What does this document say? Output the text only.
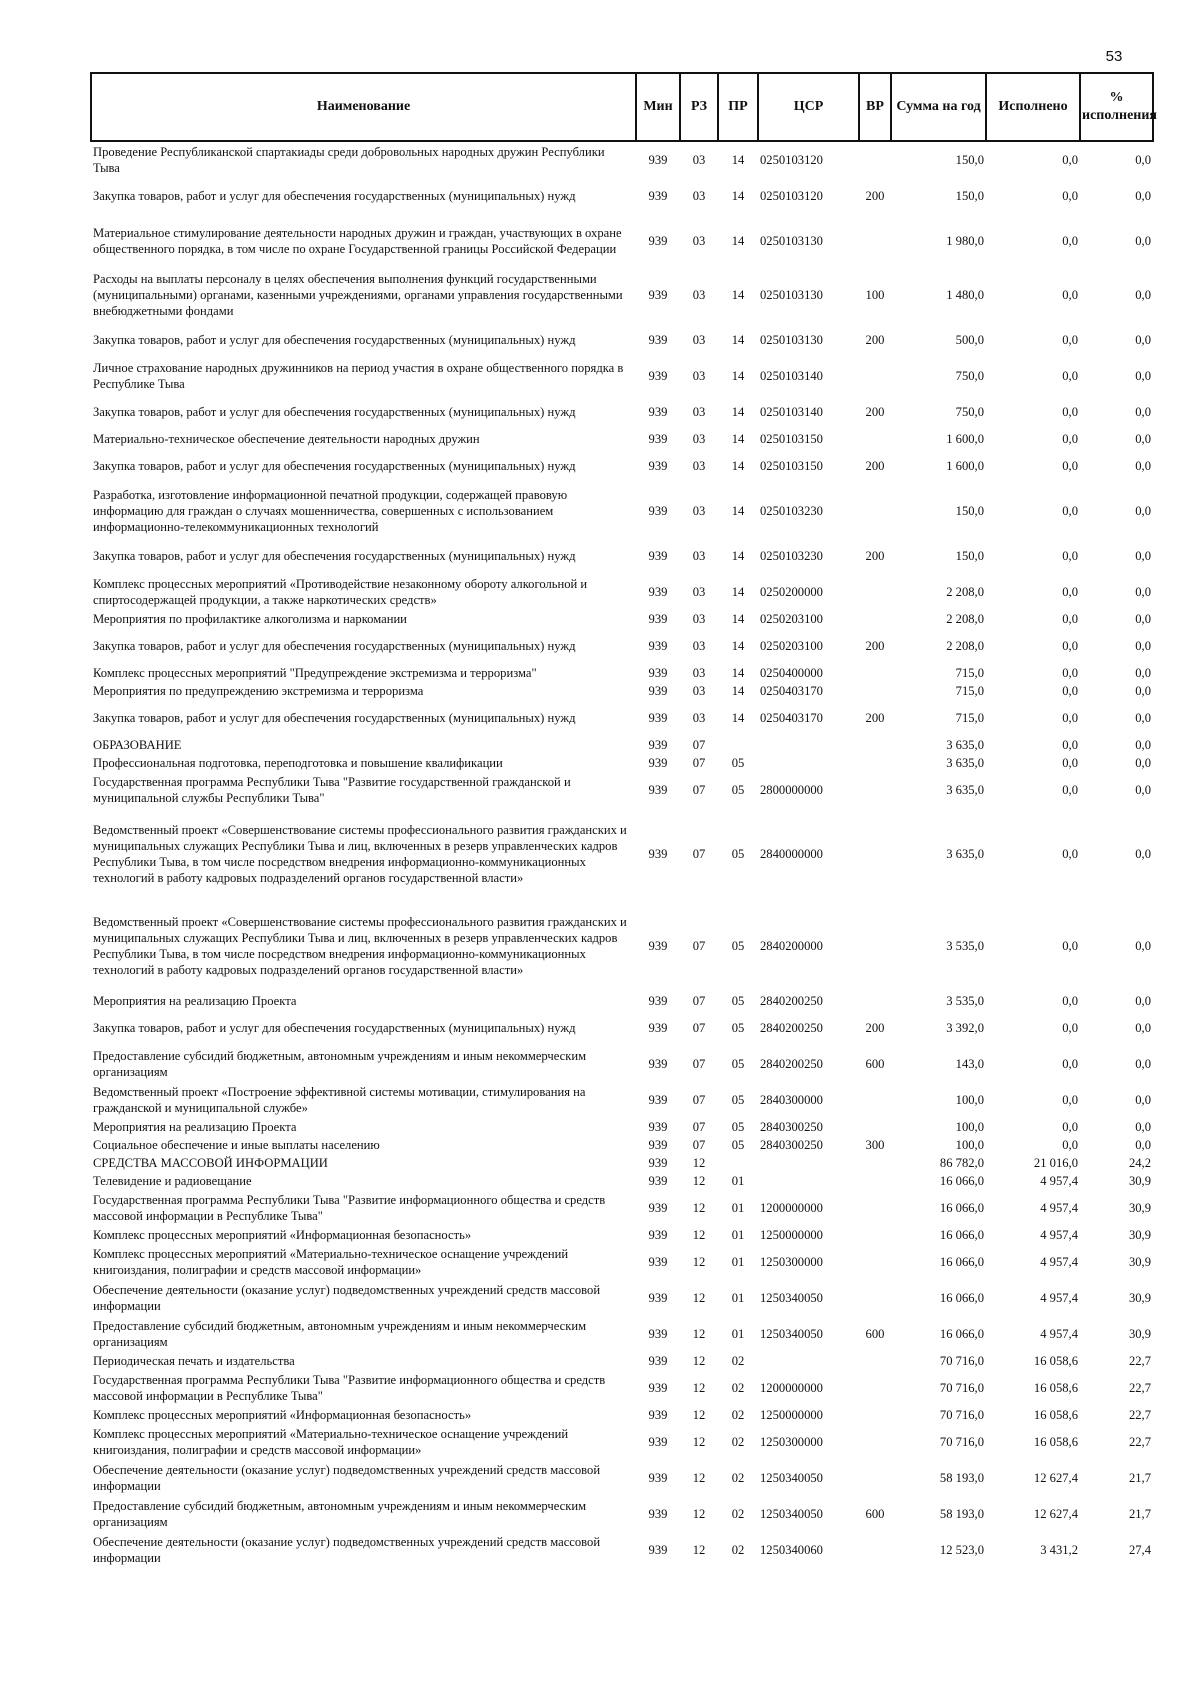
53
Наименование	Мин	РЗ	ПР	ЦСР	ВР	Сумма на год	Исполнено	% исполнения
Проведение Республиканской спартакиады среди добровольных народных дружин Республики Тыва	939	03	14	0250103120		150,0	0,0	0,0
Закупка товаров, работ и услуг для обеспечения государственных (муниципальных) нужд	939	03	14	0250103120	200	150,0	0,0	0,0
Материальное стимулирование деятельности народных дружин и граждан, участвующих в охране общественного порядка, в том числе по охране Государственной границы Российской Федерации	939	03	14	0250103130		1 980,0	0,0	0,0
Расходы на выплаты персоналу в целях обеспечения выполнения функций государственными (муниципальными) органами, казенными учреждениями, органами управления государственными внебюджетными фондами	939	03	14	0250103130	100	1 480,0	0,0	0,0
Закупка товаров, работ и услуг для обеспечения государственных (муниципальных) нужд	939	03	14	0250103130	200	500,0	0,0	0,0
Личное страхование народных дружинников на период участия в охране общественного порядка в Республике Тыва	939	03	14	0250103140		750,0	0,0	0,0
Закупка товаров, работ и услуг для обеспечения государственных (муниципальных) нужд	939	03	14	0250103140	200	750,0	0,0	0,0
Материально-техническое обеспечение деятельности народных дружин	939	03	14	0250103150		1 600,0	0,0	0,0
Закупка товаров, работ и услуг для обеспечения государственных (муниципальных) нужд	939	03	14	0250103150	200	1 600,0	0,0	0,0
Разработка, изготовление информационной печатной продукции, содержащей правовую информацию для граждан о случаях мошенничества, совершенных с использованием информационно-телекоммуникационных технологий	939	03	14	0250103230		150,0	0,0	0,0
Закупка товаров, работ и услуг для обеспечения государственных (муниципальных) нужд	939	03	14	0250103230	200	150,0	0,0	0,0
Комплекс процессных мероприятий «Противодействие незаконному обороту алкогольной и спиртосодержащей продукции, а также наркотических средств»	939	03	14	0250200000		2 208,0	0,0	0,0
Мероприятия по профилактике алкоголизма и наркомании	939	03	14	0250203100		2 208,0	0,0	0,0
Закупка товаров, работ и услуг для обеспечения государственных (муниципальных) нужд	939	03	14	0250203100	200	2 208,0	0,0	0,0
Комплекс процессных мероприятий "Предупреждение экстремизма и терроризма"	939	03	14	0250400000		715,0	0,0	0,0
Мероприятия по предупреждению экстремизма и терроризма	939	03	14	0250403170		715,0	0,0	0,0
Закупка товаров, работ и услуг для обеспечения государственных (муниципальных) нужд	939	03	14	0250403170	200	715,0	0,0	0,0
ОБРАЗОВАНИЕ	939	07				3 635,0	0,0	0,0
Профессиональная подготовка, переподготовка и повышение квалификации	939	07	05			3 635,0	0,0	0,0
Государственная программа Республики Тыва "Развитие государственной гражданской и муниципальной службы Республики Тыва"	939	07	05	2800000000		3 635,0	0,0	0,0
Ведомственный проект «Совершенствование системы профессионального развития гражданских и муниципальных служащих Республики Тыва и лиц, включенных в резерв управленческих кадров Республики Тыва, в том числе посредством внедрения информационно-коммуникационных технологий в работу кадровых подразделений органов государственной власти»	939	07	05	2840000000		3 635,0	0,0	0,0
Ведомственный проект «Совершенствование системы профессионального развития гражданских и муниципальных служащих Республики Тыва и лиц, включенных в резерв управленческих кадров Республики Тыва, в том числе посредством внедрения информационно-коммуникационных технологий в работу кадровых подразделений органов государственной власти»	939	07	05	2840200000		3 535,0	0,0	0,0
Мероприятия на реализацию Проекта	939	07	05	2840200250		3 535,0	0,0	0,0
Закупка товаров, работ и услуг для обеспечения государственных (муниципальных) нужд	939	07	05	2840200250	200	3 392,0	0,0	0,0
Предоставление субсидий бюджетным, автономным учреждениям и иным некоммерческим организациям	939	07	05	2840200250	600	143,0	0,0	0,0
Ведомственный проект «Построение эффективной системы мотивации, стимулирования на гражданской и муниципальной службе»	939	07	05	2840300000		100,0	0,0	0,0
Мероприятия на реализацию Проекта	939	07	05	2840300250		100,0	0,0	0,0
Социальное обеспечение и иные выплаты населению	939	07	05	2840300250	300	100,0	0,0	0,0
СРЕДСТВА МАССОВОЙ ИНФОРМАЦИИ	939	12				86 782,0	21 016,0	24,2
Телевидение и радиовещание	939	12	01			16 066,0	4 957,4	30,9
Государственная программа Республики Тыва "Развитие информационного общества и средств массовой информации в Республике Тыва"	939	12	01	1200000000		16 066,0	4 957,4	30,9
Комплекс процессных мероприятий «Информационная безопасность»	939	12	01	1250000000		16 066,0	4 957,4	30,9
Комплекс процессных мероприятий «Материально-техническое оснащение учреждений книгоиздания, полиграфии и средств массовой информации»	939	12	01	1250300000		16 066,0	4 957,4	30,9
Обеспечение деятельности (оказание услуг) подведомственных учреждений средств массовой информации	939	12	01	1250340050		16 066,0	4 957,4	30,9
Предоставление субсидий бюджетным, автономным учреждениям и иным некоммерческим организациям	939	12	01	1250340050	600	16 066,0	4 957,4	30,9
Периодическая печать и издательства	939	12	02			70 716,0	16 058,6	22,7
Государственная программа Республики Тыва "Развитие информационного общества и средств массовой информации в Республике Тыва"	939	12	02	1200000000		70 716,0	16 058,6	22,7
Комплекс процессных мероприятий «Информационная безопасность»	939	12	02	1250000000		70 716,0	16 058,6	22,7
Комплекс процессных мероприятий «Материально-техническое оснащение учреждений книгоиздания, полиграфии и средств массовой информации»	939	12	02	1250300000		70 716,0	16 058,6	22,7
Обеспечение деятельности (оказание услуг) подведомственных учреждений средств массовой информации	939	12	02	1250340050		58 193,0	12 627,4	21,7
Предоставление субсидий бюджетным, автономным учреждениям и иным некоммерческим организациям	939	12	02	1250340050	600	58 193,0	12 627,4	21,7
Обеспечение деятельности (оказание услуг) подведомственных учреждений средств массовой информации	939	12	02	1250340060		12 523,0	3 431,2	27,4
